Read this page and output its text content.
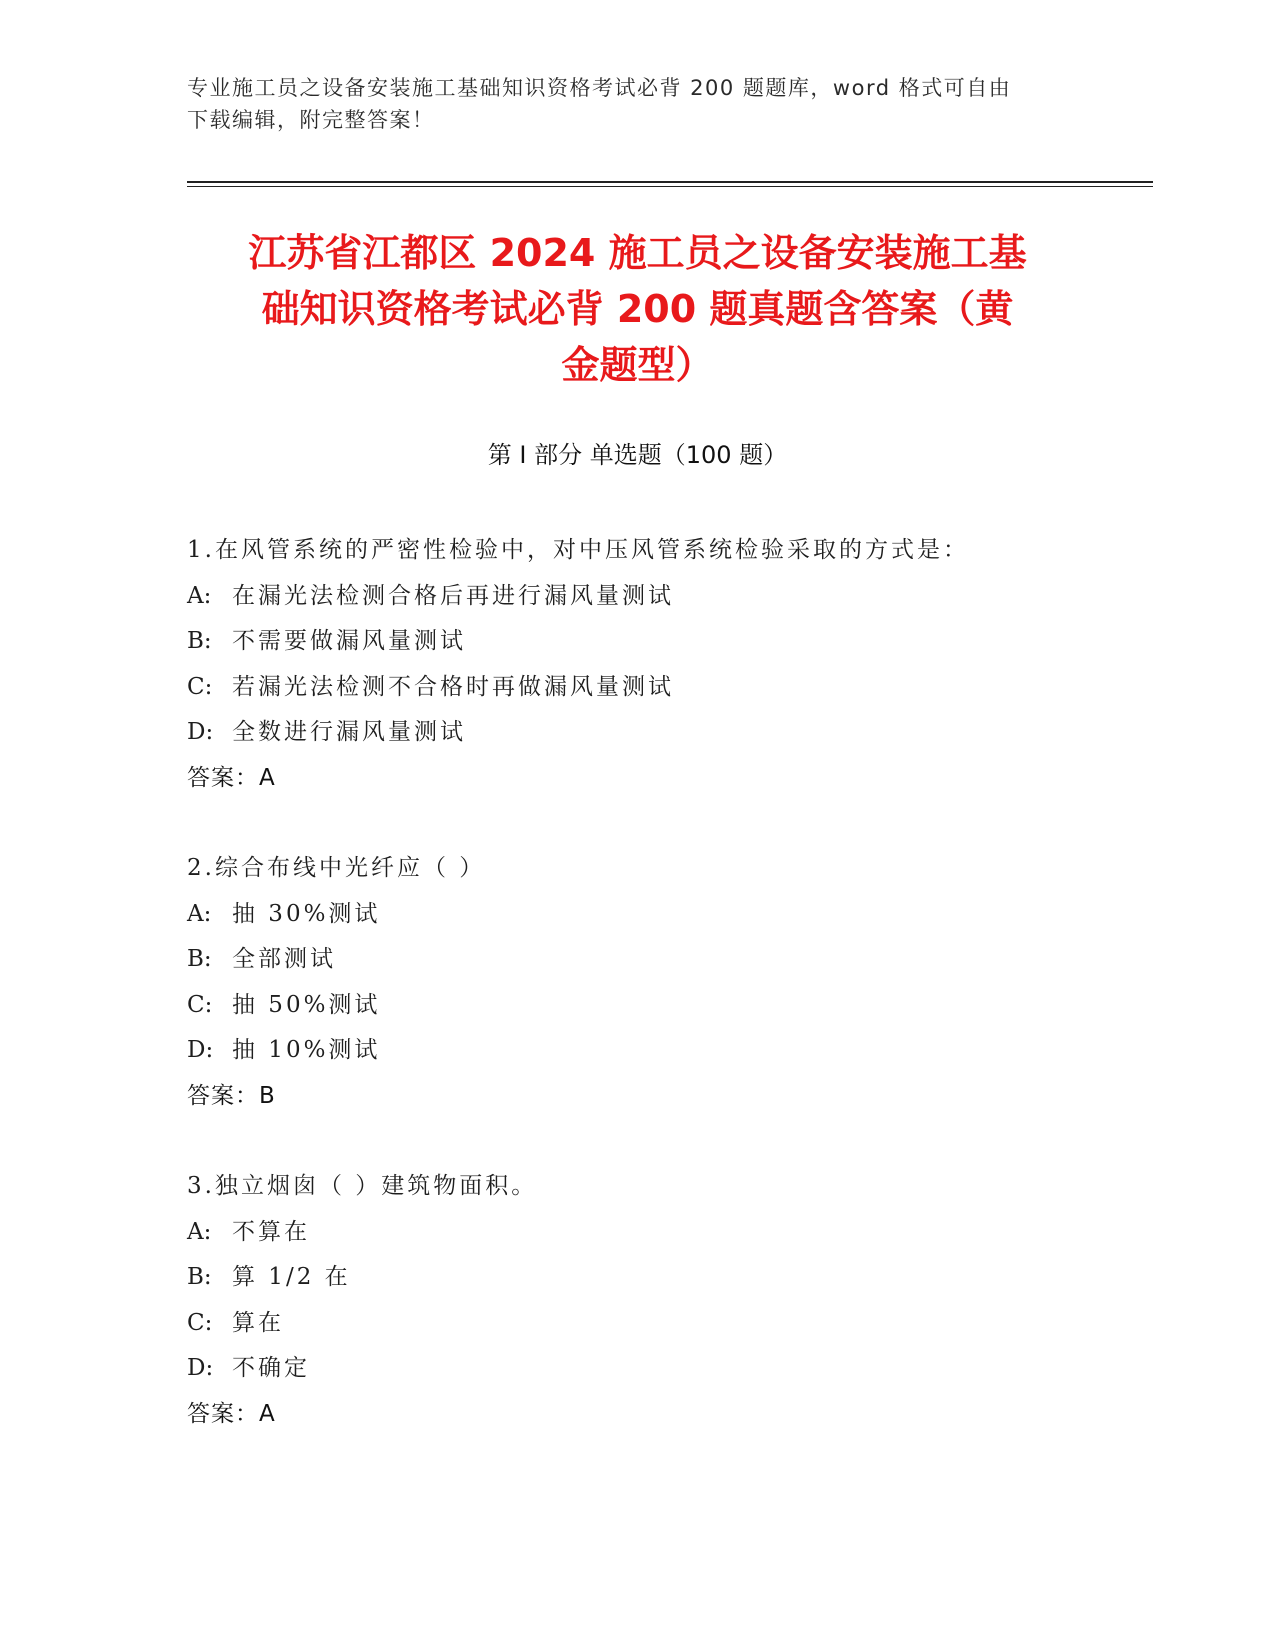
专业施工员之设备安装施工基础知识资格考试必背 200 题题库，word 格式可自由
下载编辑，附完整答案！
江苏省江都区 2024 施工员之设备安装施工基
础知识资格考试必背 200 题真题含答案（黄
金题型）
第 I 部分 单选题（100 题）
1.在风管系统的严密性检验中，对中压风管系统检验采取的方式是：
A: 在漏光法检测合格后再进行漏风量测试
B: 不需要做漏风量测试
C: 若漏光法检测不合格时再做漏风量测试
D: 全数进行漏风量测试
答案：A
2.综合布线中光纤应（ ）
A: 抽 30%测试
B: 全部测试
C: 抽 50%测试
D: 抽 10%测试
答案：B
3.独立烟囱（ ）建筑物面积。
A: 不算在
B: 算 1/2 在
C: 算在
D: 不确定
答案：A
